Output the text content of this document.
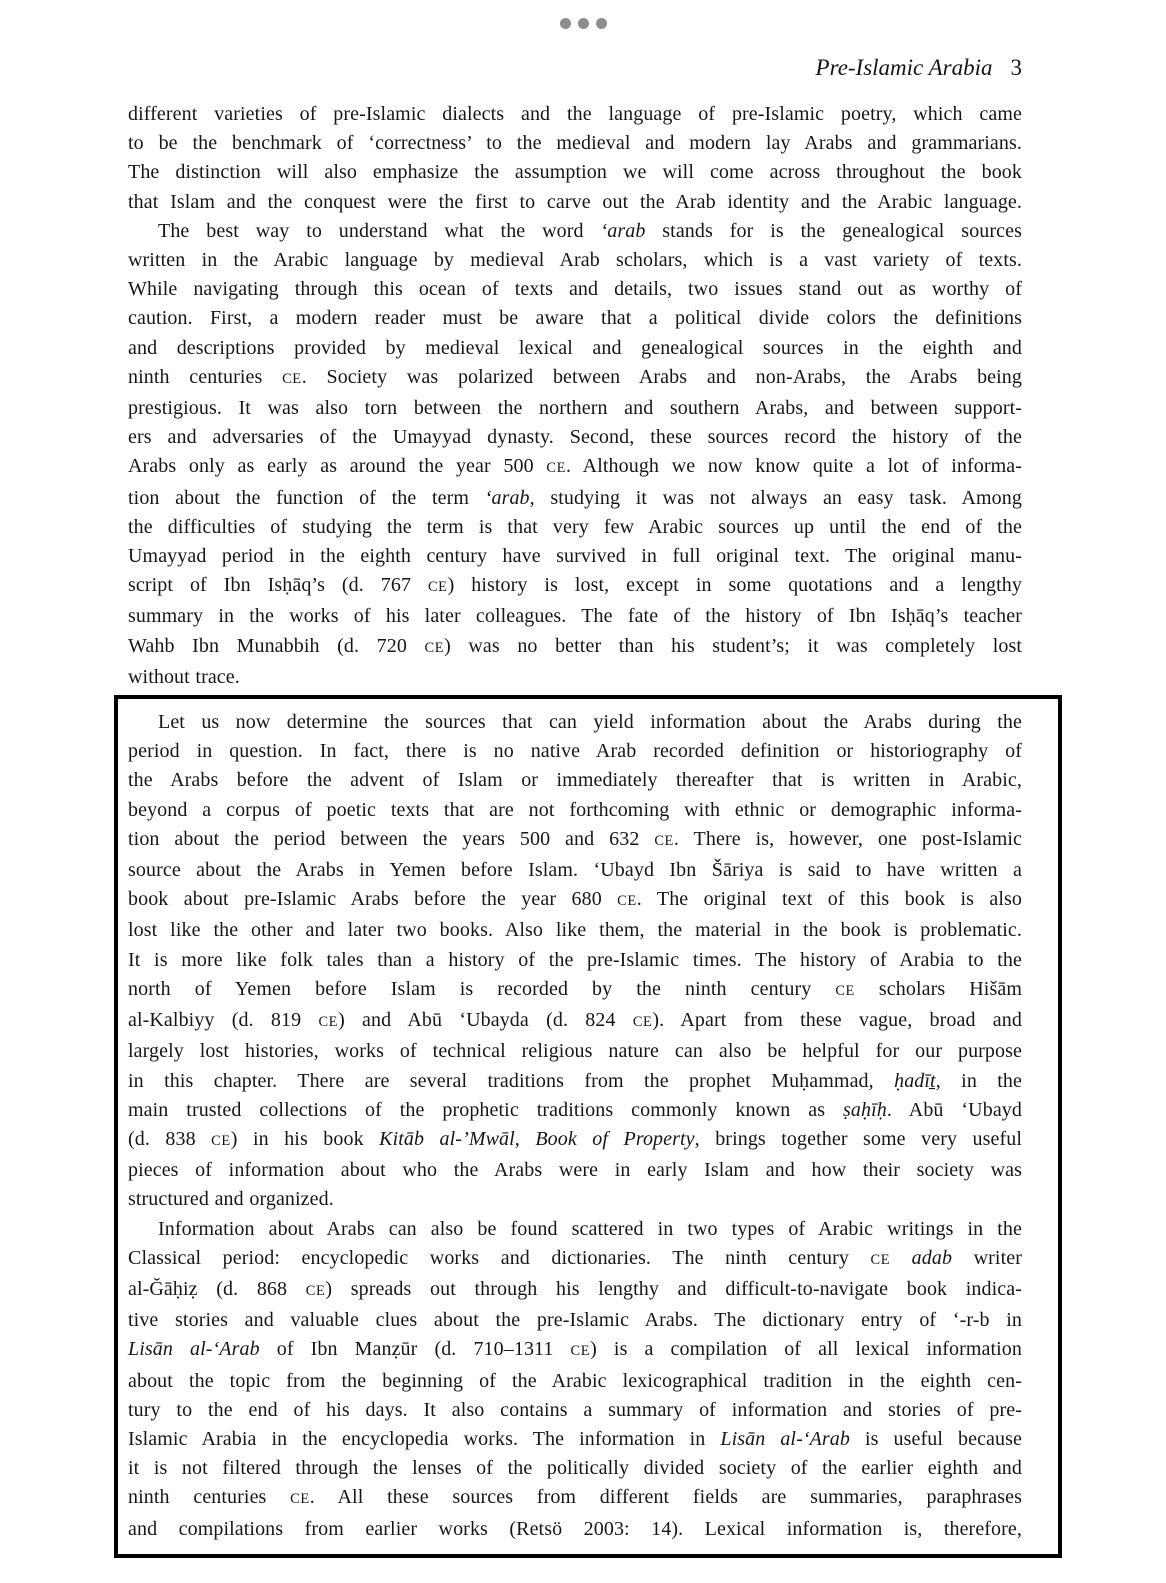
Pre-Islamic Arabia 3
different varieties of pre-Islamic dialects and the language of pre-Islamic poetry, which came
to be the benchmark of ‘correctness’ to the medieval and modern lay Arabs and grammarians.
The distinction will also emphasize the assumption we will come across throughout the book
that Islam and the conquest were the first to carve out the Arab identity and the Arabic language.
The best way to understand what the word ‘arab stands for is the genealogical sources
written in the Arabic language by medieval Arab scholars, which is a vast variety of texts.
While navigating through this ocean of texts and details, two issues stand out as worthy of
caution. First, a modern reader must be aware that a political divide colors the definitions
and descriptions provided by medieval lexical and genealogical sources in the eighth and
ninth centuries CE. Society was polarized between Arabs and non-Arabs, the Arabs being
prestigious. It was also torn between the northern and southern Arabs, and between support-
ers and adversaries of the Umayyad dynasty. Second, these sources record the history of the
Arabs only as early as around the year 500 CE. Although we now know quite a lot of informa-
tion about the function of the term ‘arab, studying it was not always an easy task. Among
the difficulties of studying the term is that very few Arabic sources up until the end of the
Umayyad period in the eighth century have survived in full original text. The original manu-
script of Ibn Isḥāq’s (d. 767 CE) history is lost, except in some quotations and a lengthy
summary in the works of his later colleagues. The fate of the history of Ibn Isḥāq’s teacher
Wahb Ibn Munabbih (d. 720 CE) was no better than his student’s; it was completely lost
without trace.
Let us now determine the sources that can yield information about the Arabs during the
period in question. In fact, there is no native Arab recorded definition or historiography of
the Arabs before the advent of Islam or immediately thereafter that is written in Arabic,
beyond a corpus of poetic texts that are not forthcoming with ethnic or demographic informa-
tion about the period between the years 500 and 632 CE. There is, however, one post-Islamic
source about the Arabs in Yemen before Islam. ‘Ubayd Ibn Šāriya is said to have written a
book about pre-Islamic Arabs before the year 680 CE. The original text of this book is also
lost like the other and later two books. Also like them, the material in the book is problematic.
It is more like folk tales than a history of the pre-Islamic times. The history of Arabia to the
north of Yemen before Islam is recorded by the ninth century CE scholars Hišām
al-Kalbiyy (d. 819 CE) and Abū ‘Ubayda (d. 824 CE). Apart from these vague, broad and
largely lost histories, works of technical religious nature can also be helpful for our purpose
in this chapter. There are several traditions from the prophet Muḥammad, ḥadīṯ, in the
main trusted collections of the prophetic traditions commonly known as ṣaḥīḥ. Abū ‘Ubayd
(d. 838 CE) in his book Kitāb al-’Mwāl, Book of Property, brings together some very useful
pieces of information about who the Arabs were in early Islam and how their society was
structured and organized.
Information about Arabs can also be found scattered in two types of Arabic writings in the
Classical period: encyclopedic works and dictionaries. The ninth century CE adab writer
al-Ğāḥiẓ (d. 868 CE) spreads out through his lengthy and difficult-to-navigate book indica-
tive stories and valuable clues about the pre-Islamic Arabs. The dictionary entry of ‘-r-b in
Lisān al-‘Arab of Ibn Manẓūr (d. 710–1311 CE) is a compilation of all lexical information
about the topic from the beginning of the Arabic lexicographical tradition in the eighth cen-
tury to the end of his days. It also contains a summary of information and stories of pre-
Islamic Arabia in the encyclopedia works. The information in Lisān al-‘Arab is useful because
it is not filtered through the lenses of the politically divided society of the earlier eighth and
ninth centuries CE. All these sources from different fields are summaries, paraphrases
and compilations from earlier works (Retsö 2003: 14). Lexical information is, therefore,
